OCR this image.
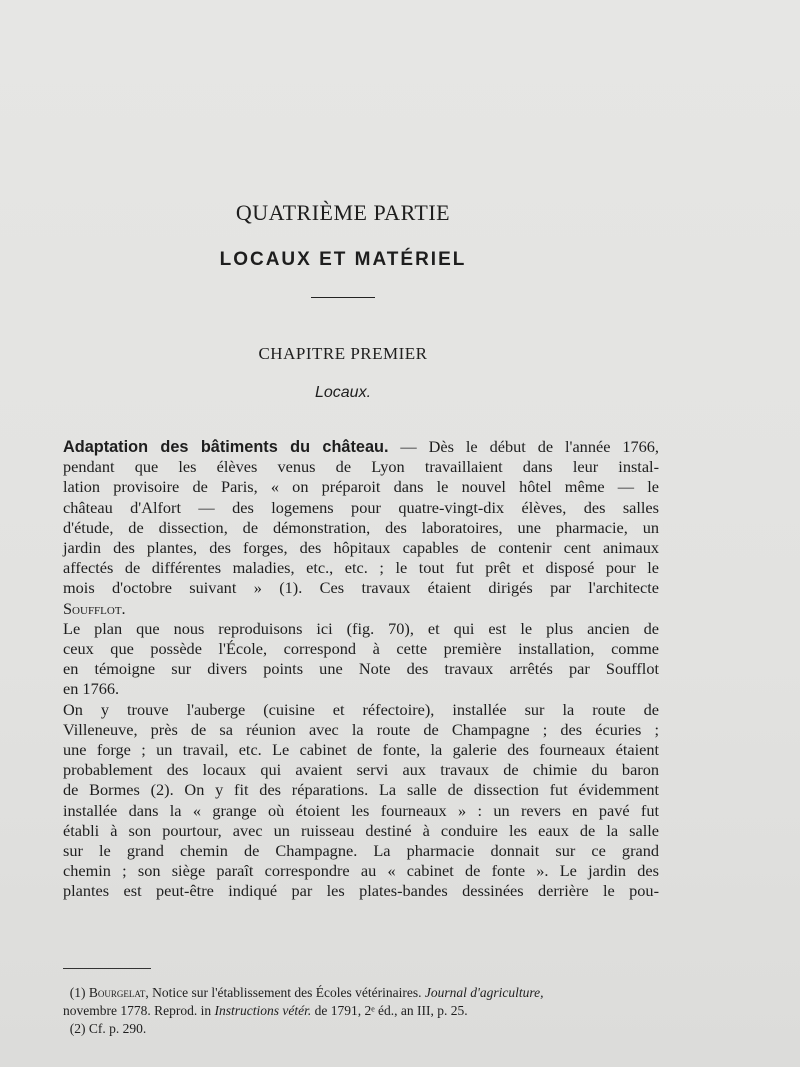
QUATRIÈME PARTIE
LOCAUX ET MATÉRIEL
CHAPITRE PREMIER
Locaux.

Adaptation des bâtiments du château. — Dès le début de l'année 1766,
pendant que les élèves venus de Lyon travaillaient dans leur instal-
lation provisoire de Paris, « on préparoit dans le nouvel hôtel même — le
château d'Alfort — des logemens pour quatre-vingt-dix élèves, des salles
d'étude, de dissection, de démonstration, des laboratoires, une pharmacie, un
jardin des plantes, des forges, des hôpitaux capables de contenir cent animaux
affectés de différentes maladies, etc., etc. ; le tout fut prêt et disposé pour le
mois d'octobre suivant » (1). Ces travaux étaient dirigés par l'architecte
Soufflot.

Le plan que nous reproduisons ici (fig. 70), et qui est le plus ancien de
ceux que possède l'École, correspond à cette première installation, comme
en témoigne sur divers points une Note des travaux arrêtés par Soufflot
en 1766.

On y trouve l'auberge (cuisine et réfectoire), installée sur la route de
Villeneuve, près de sa réunion avec la route de Champagne ; des écuries ;
une forge ; un travail, etc. Le cabinet de fonte, la galerie des fourneaux étaient
probablement des locaux qui avaient servi aux travaux de chimie du baron
de Bormes (2). On y fit des réparations. La salle de dissection fut évidemment
installée dans la « grange où étoient les fourneaux » : un revers en pavé fut
établi à son pourtour, avec un ruisseau destiné à conduire les eaux de la salle
sur le grand chemin de Champagne. La pharmacie donnait sur ce grand
chemin ; son siège paraît correspondre au « cabinet de fonte ». Le jardin des
plantes est peut-être indiqué par les plates-bandes dessinées derrière le pou-

(1) Bourgelat, Notice sur l'établissement des Écoles vétérinaires. Journal d'agriculture,
novembre 1778. Reprod. in Instructions vétér. de 1791, 2ᵉ éd., an III, p. 25.
(2) Cf. p. 290.
